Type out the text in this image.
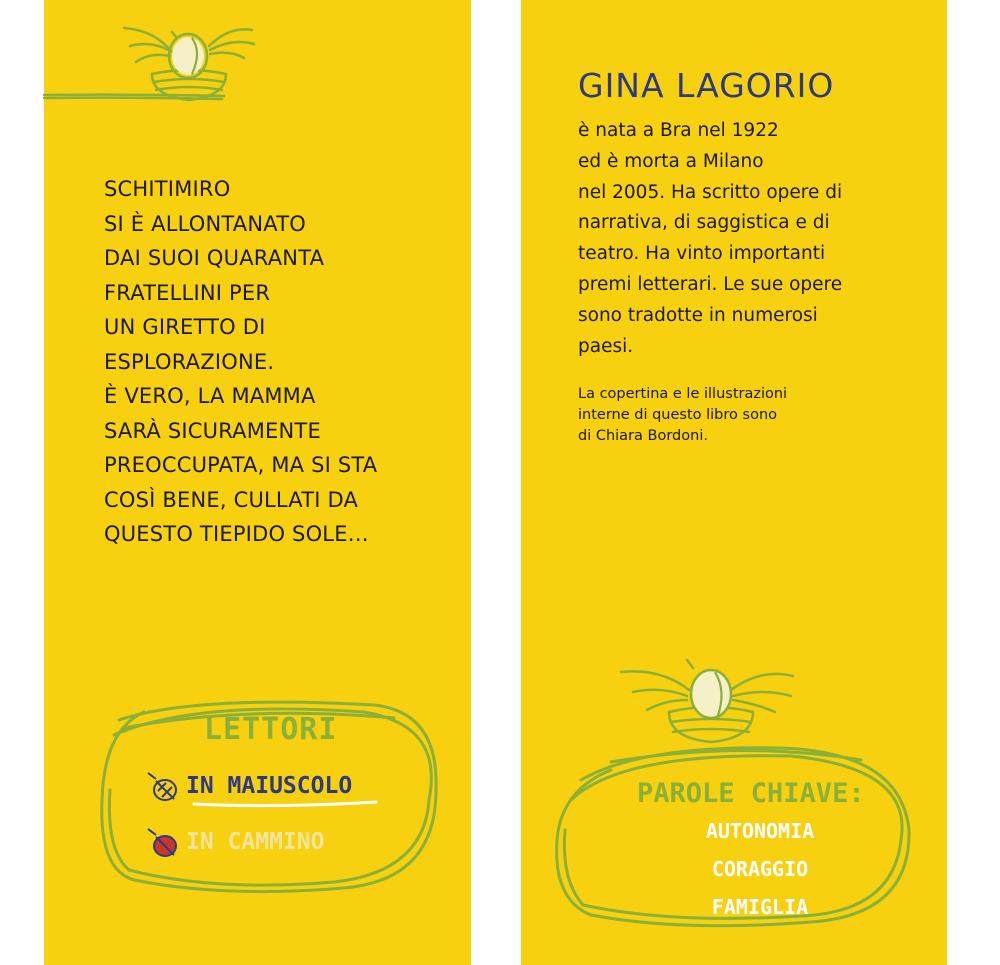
SCHITIMIRO
SI È ALLONTANATO
DAI SUOI QUARANTA
FRATELLINI PER
UN GIRETTO DI
ESPLORAZIONE.
È VERO, LA MAMMA
SARÀ SICURAMENTE
PREOCCUPATA, MA SI STA
COSÌ BENE, CULLATI DA
QUESTO TIEPIDO SOLE…
LETTORI
IN MAIUSCOLO
IN CAMMINO
GINA LAGORIO
è nata a Bra nel 1922
ed è morta a Milano
nel 2005. Ha scritto opere di
narrativa, di saggistica e di
teatro. Ha vinto importanti
premi letterari. Le sue opere
sono tradotte in numerosi
paesi.
La copertina e le illustrazioni
interne di questo libro sono
di Chiara Bordoni.
PAROLE CHIAVE:
AUTONOMIA
CORAGGIO
FAMIGLIA
